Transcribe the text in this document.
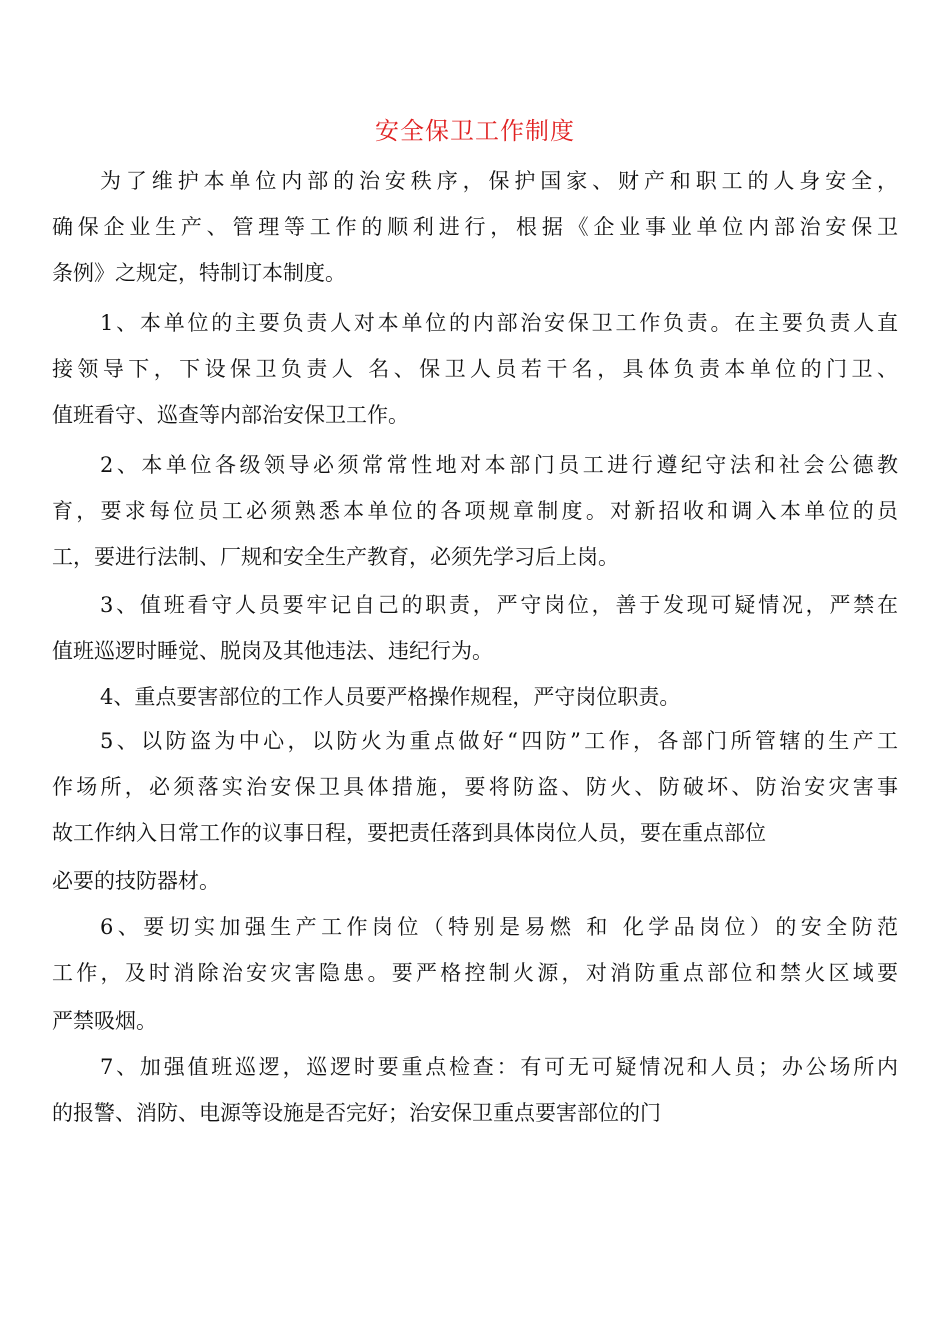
安全保卫工作制度
为了维护本单位内部的治安秩序，保护国家、财产和职工的人身安全，
确保企业生产、管理等工作的顺利进行，根据《企业事业单位内部治安保卫
条例》之规定，特制订本制度。
1、本单位的主要负责人对本单位的内部治安保卫工作负责。在主要负责人直
接领导下，下设保卫负责人 名、保卫人员若干名，具体负责本单位的门卫、
值班看守、巡查等内部治安保卫工作。
2、本单位各级领导必须常常性地对本部门员工进行遵纪守法和社会公德教
育，要求每位员工必须熟悉本单位的各项规章制度。对新招收和调入本单位的员
工，要进行法制、厂规和安全生产教育，必须先学习后上岗。
3、值班看守人员要牢记自己的职责，严守岗位，善于发现可疑情况，严禁在
值班巡逻时睡觉、脱岗及其他违法、违纪行为。
4、重点要害部位的工作人员要严格操作规程，严守岗位职责。
5、以防盗为中心，以防火为重点做好“四防”工作，各部门所管辖的生产工
作场所，必须落实治安保卫具体措施，要将防盗、防火、防破坏、防治安灾害事
故工作纳入日常工作的议事日程，要把责任落到具体岗位人员，要在重点部位
必要的技防器材。
6、要切实加强生产工作岗位（特别是易燃 和 化学品岗位）的安全防范
工作，及时消除治安灾害隐患。要严格控制火源，对消防重点部位和禁火区域要
严禁吸烟。
7、加强值班巡逻，巡逻时要重点检查：有可无可疑情况和人员；办公场所内
的报警、消防、电源等设施是否完好；治安保卫重点要害部位的门
